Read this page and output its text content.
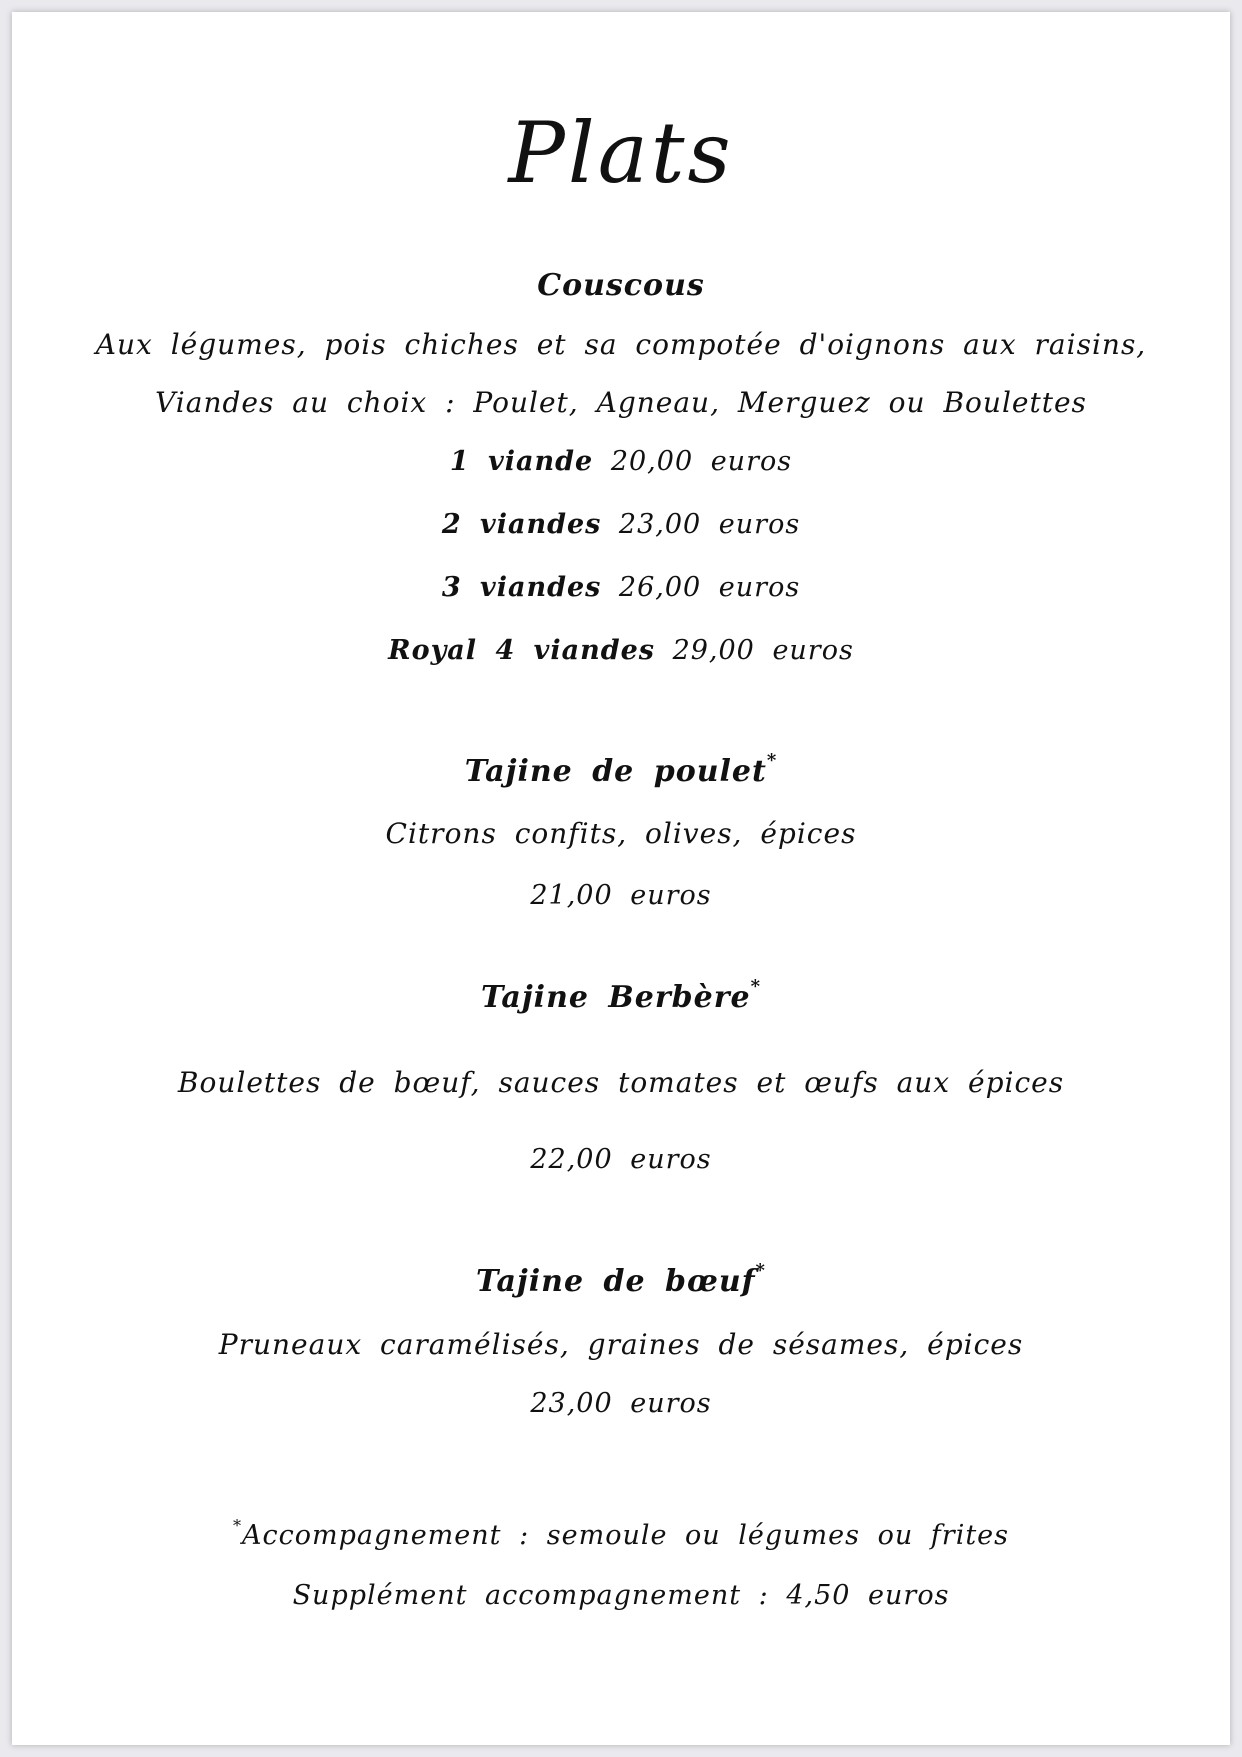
Plats
Couscous
Aux légumes, pois chiches et sa compotée d'oignons aux raisins,
Viandes au choix : Poulet, Agneau, Merguez ou Boulettes
1 viande 20,00 euros
2 viandes 23,00 euros
3 viandes 26,00 euros
Royal 4 viandes 29,00 euros
Tajine de poulet*
Citrons confits, olives, épices
21,00 euros
Tajine Berbère*
Boulettes de bœuf, sauces tomates et œufs aux épices
22,00 euros
Tajine de bœuf*
Pruneaux caramélisés, graines de sésames, épices
23,00 euros
*Accompagnement : semoule ou légumes ou frites
Supplément accompagnement : 4,50 euros
